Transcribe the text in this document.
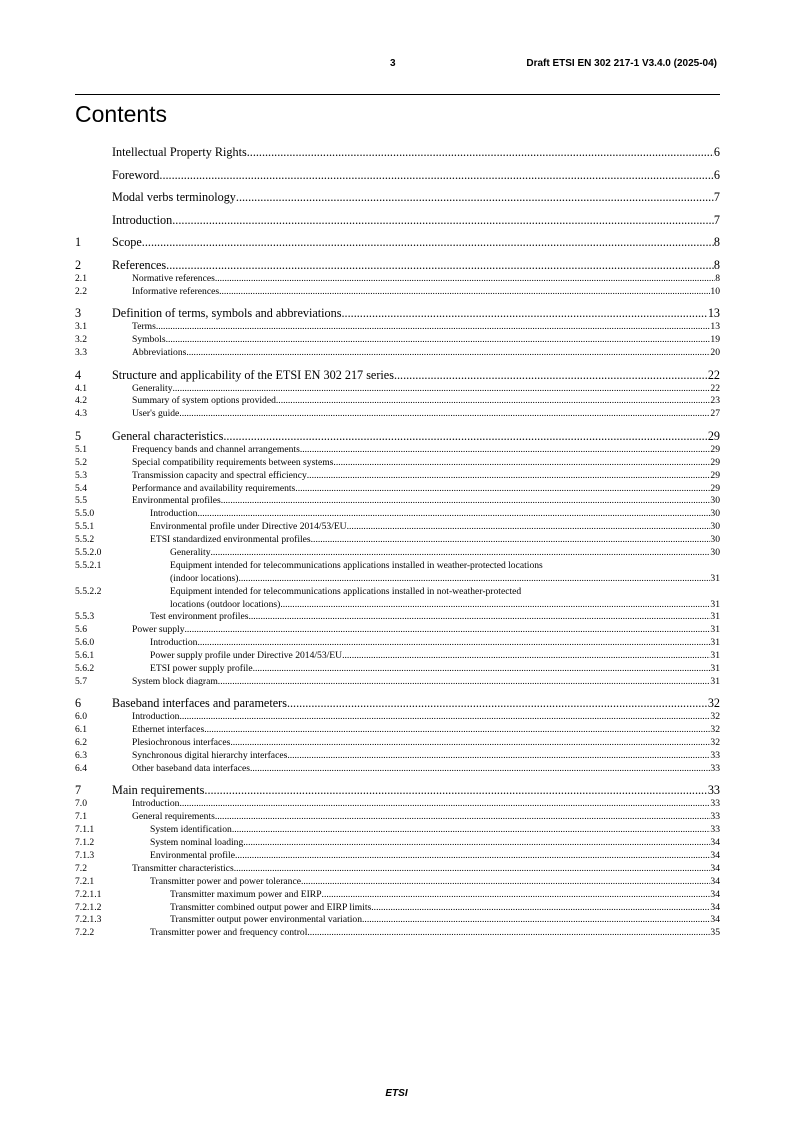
3	Draft ETSI EN 302 217-1 V3.4.0 (2025-04)
Contents
Intellectual Property Rights .....	6
Foreword .....	6
Modal verbs terminology .....	7
Introduction .....	7
1	Scope .....	8
2	References .....	8
2.1	Normative references .....	8
2.2	Informative references .....	10
3	Definition of terms, symbols and abbreviations .....	13
3.1	Terms .....	13
3.2	Symbols .....	19
3.3	Abbreviations .....	20
4	Structure and applicability of the ETSI EN 302 217 series .....	22
4.1	Generality .....	22
4.2	Summary of system options provided .....	23
4.3	User's guide .....	27
5	General characteristics .....	29
5.1	Frequency bands and channel arrangements .....	29
5.2	Special compatibility requirements between systems .....	29
5.3	Transmission capacity and spectral efficiency .....	29
5.4	Performance and availability requirements .....	29
5.5	Environmental profiles .....	30
5.5.0	Introduction .....	30
5.5.1	Environmental profile under Directive 2014/53/EU .....	30
5.5.2	ETSI standardized environmental profiles .....	30
5.5.2.0	Generality .....	30
5.5.2.1	Equipment intended for telecommunications applications installed in weather-protected locations
(indoor locations) .....	31
5.5.2.2	Equipment intended for telecommunications applications installed in not-weather-protected
locations (outdoor locations) .....	31
5.5.3	Test environment profiles .....	31
5.6	Power supply .....	31
5.6.0	Introduction .....	31
5.6.1	Power supply profile under Directive 2014/53/EU .....	31
5.6.2	ETSI power supply profile .....	31
5.7	System block diagram .....	31
6	Baseband interfaces and parameters .....	32
6.0	Introduction .....	32
6.1	Ethernet interfaces .....	32
6.2	Plesiochronous interfaces .....	32
6.3	Synchronous digital hierarchy interfaces .....	33
6.4	Other baseband data interfaces .....	33
7	Main requirements .....	33
7.0	Introduction .....	33
7.1	General requirements .....	33
7.1.1	System identification .....	33
7.1.2	System nominal loading .....	34
7.1.3	Environmental profile .....	34
7.2	Transmitter characteristics .....	34
7.2.1	Transmitter power and power tolerance .....	34
7.2.1.1	Transmitter maximum power and EIRP .....	34
7.2.1.2	Transmitter combined output power and EIRP limits .....	34
7.2.1.3	Transmitter output power environmental variation .....	34
7.2.2	Transmitter power and frequency control .....	35
ETSI
